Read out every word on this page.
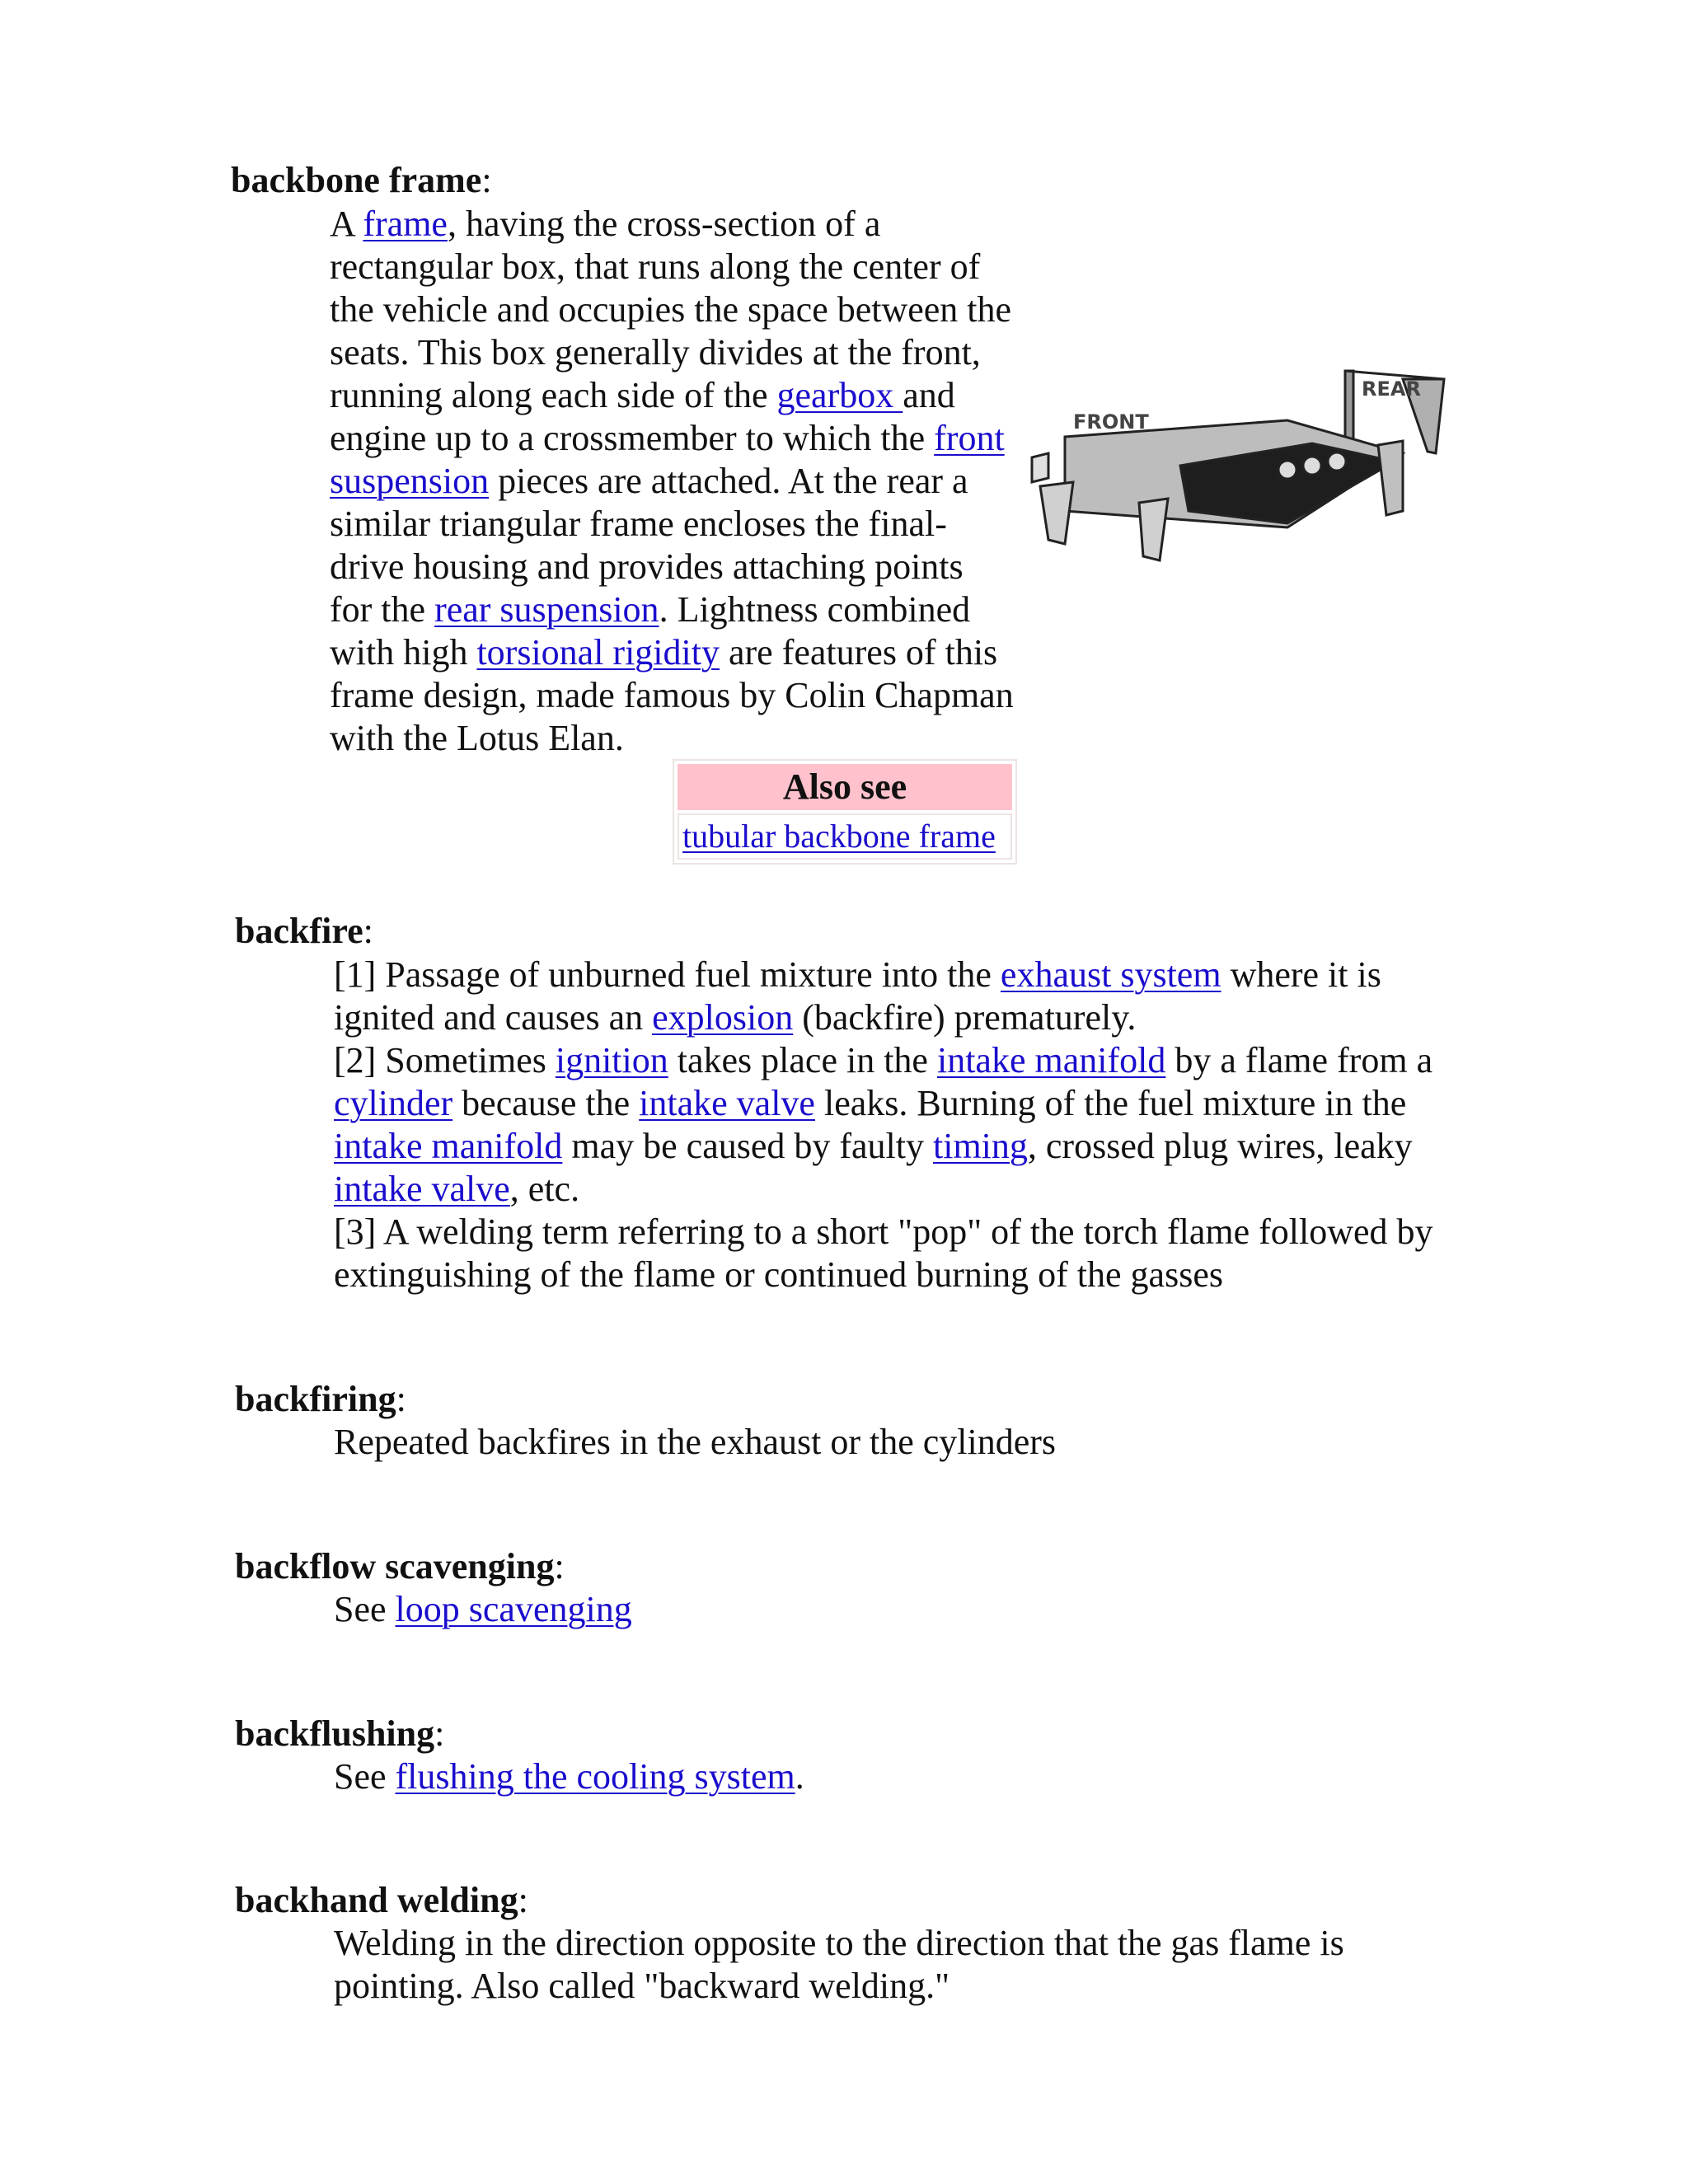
backbone frame:
A frame, having the cross-section of a rectangular box, that runs along the center of the vehicle and occupies the space between the seats. This box generally divides at the front, running along each side of the gearbox and engine up to a crossmember to which the front suspension pieces are attached. At the rear a similar triangular frame encloses the final-drive housing and provides attaching points for the rear suspension. Lightness combined with high torsional rigidity are features of this frame design, made famous by Colin Chapman with the Lotus Elan.
REAR
FRONT
Also see
tubular backbone frame
backfire:
[1] Passage of unburned fuel mixture into the exhaust system where it is ignited and causes an explosion (backfire) prematurely.
[2] Sometimes ignition takes place in the intake manifold by a flame from a cylinder because the intake valve leaks. Burning of the fuel mixture in the intake manifold may be caused by faulty timing, crossed plug wires, leaky intake valve, etc.
[3] A welding term referring to a short "pop" of the torch flame followed by extinguishing of the flame or continued burning of the gasses
backfiring:
Repeated backfires in the exhaust or the cylinders
backflow scavenging:
See loop scavenging
backflushing:
See flushing the cooling system.
backhand welding:
Welding in the direction opposite to the direction that the gas flame is pointing. Also called "backward welding."
